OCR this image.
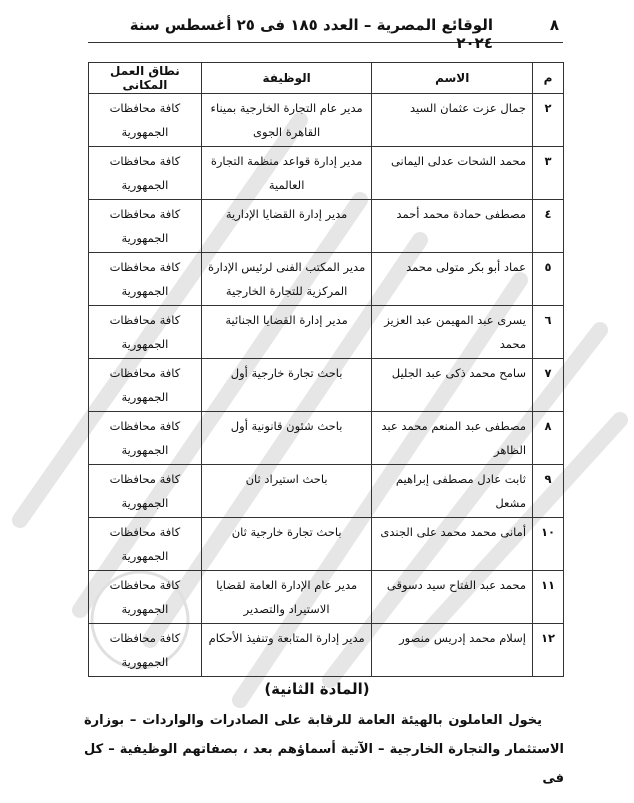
٨
الوقائع المصرية – العدد ١٨٥ فى ٢٥ أغسطس سنة ٢٠٢٤
م	الاسم	الوظيفة	نطاق العمل المكانى
٢	جمال عزت عثمان السيد	مدير عام التجارة الخارجية بميناء القاهرة الجوى	كافة محافظات الجمهورية
٣	محمد الشحات عدلى اليمانى	مدير إدارة قواعد منظمة التجارة العالمية	كافة محافظات الجمهورية
٤	مصطفى حمادة محمد أحمد	مدير إدارة القضايا الإدارية	كافة محافظات الجمهورية
٥	عماد أبو بكر متولى محمد	مدير المكتب الفنى لرئيس الإدارة المركزية للتجارة الخارجية	كافة محافظات الجمهورية
٦	يسرى عبد المهيمن عبد العزيز محمد	مدير إدارة القضايا الجنائية	كافة محافظات الجمهورية
٧	سامح محمد ذكى عبد الجليل	باحث تجارة خارجية أول	كافة محافظات الجمهورية
٨	مصطفى عبد المنعم محمد عبد الظاهر	باحث شئون قانونية أول	كافة محافظات الجمهورية
٩	ثابت عادل مصطفى إبراهيم مشعل	باحث استيراد ثان	كافة محافظات الجمهورية
١٠	أمانى محمد محمد على الجندى	باحث تجارة خارجية ثان	كافة محافظات الجمهورية
١١	محمد عبد الفتاح سيد دسوقى	مدير عام الإدارة العامة لقضايا الاستيراد والتصدير	كافة محافظات الجمهورية
١٢	إسلام محمد إدريس منصور	مدير إدارة المتابعة وتنفيذ الأحكام	كافة محافظات الجمهورية
(المادة الثانية)
يخول العاملون بالهيئة العامة للرقابة على الصادرات والواردات – بوزارة
الاستثمار والتجارة الخارجية – الآتية أسماؤهم بعد ، بصفاتهم الوظيفية – كل فى
